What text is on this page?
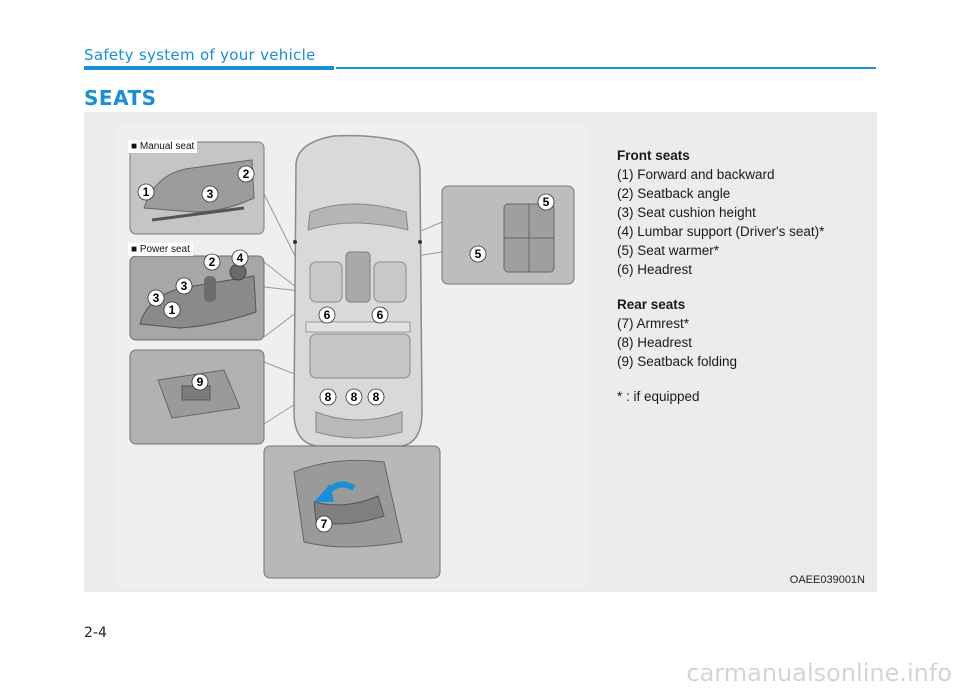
Safety system of your vehicle
SEATS
1
2
3
1
2
3
3
4
5
5
6	6
7
8 8 8
9
■ Manual seat
■ Power seat
Front seats
(1) Forward and backward
(2) Seatback angle
(3) Seat cushion height
(4) Lumbar support (Driver's seat)*
(5) Seat warmer*
(6) Headrest
Rear seats
(7) Armrest*
(8) Headrest
(9) Seatback folding
* : if equipped
OAEE039001N
2-4
carmanualsonline.info
